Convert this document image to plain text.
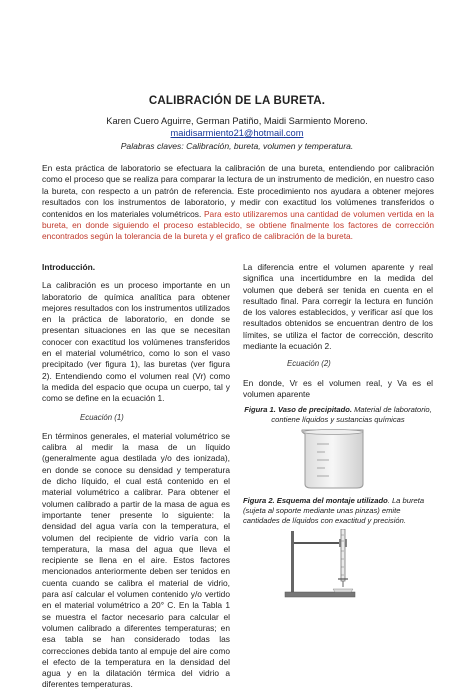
CALIBRACIÓN DE LA BURETA.
Karen Cuero Aguirre, German Patiño, Maidi Sarmiento Moreno.
maidisarmiento21@hotmail.com
Palabras claves: Calibración, bureta, volumen y temperatura.
En esta práctica de laboratorio se efectuara la calibración de una bureta, entendiendo por calibración como el proceso que se realiza para comparar la lectura de un instrumento de medición, en nuestro caso la bureta, con respecto a un patrón de referencia. Este procedimiento nos ayudara a obtener mejores resultados con los instrumentos de laboratorio, y medir con exactitud los volúmenes transferidos o contenidos en los materiales volumétricos. Para esto utilizaremos una cantidad de volumen vertida en la bureta, en donde siguiendo el proceso establecido, se obtiene finalmente los factores de corrección encontrados según la tolerancia de la bureta y el grafico de calibración de la bureta.

Introducción.

La calibración es un proceso importante en un laboratorio de química analítica para obtener mejores resultados con los instrumentos utilizados en la práctica de laboratorio, en donde se presentan situaciones en las que se necesitan conocer con exactitud los volúmenes transferidos en el material volumétrico, como lo son el vaso precipitado (ver figura 1), las buretas (ver figura 2). Entendiendo como el volumen real (Vr) como la medida del espacio que ocupa un cuerpo, tal y como se define en la ecuación 1.

Ecuación (1)

En términos generales, el material volumétrico se calibra al medir la masa de un líquido (generalmente agua destilada y/o des ionizada), en donde se conoce su densidad y temperatura de dicho líquido, el cual está contenido en el material volumétrico a calibrar. Para obtener el volumen calibrado a partir de la masa de agua es importante tener presente lo siguiente: la densidad del agua varía con la temperatura, el volumen del recipiente de vidrio varía con la temperatura, la masa del agua que lleva el recipiente se llena en el aire. Estos factores mencionados anteriormente deben ser tenidos en cuenta cuando se calibra el material de vidrio, para así calcular el volumen contenido y/o vertido en el material volumétrico a 20° C. En la Tabla 1 se muestra el factor necesario para calcular el volumen calibrado a diferentes temperaturas; en esa tabla se han considerado todas las correcciones debida tanto al empuje del aire como el efecto de la temperatura en la densidad del agua y en la dilatación térmica del vidrio a diferentes temperaturas.

La diferencia entre el volumen aparente y real significa una incertidumbre en la medida del volumen que deberá ser tenida en cuenta en el resultado final. Para corregir la lectura en función de los valores establecidos, y verificar así que los resultados obtenidos se encuentran dentro de los límites, se utiliza el factor de corrección, descrito mediante la ecuación 2.

Ecuación (2)

En donde, Vr es el volumen real, y Va es el volumen aparente

Figura 1. Vaso de precipitado. Material de laboratorio, contiene líquidos y sustancias químicas
Figura 2. Esquema del montaje utilizado. La bureta (sujeta al soporte mediante unas pinzas) emite cantidades de líquidos con exactitud y precisión.
